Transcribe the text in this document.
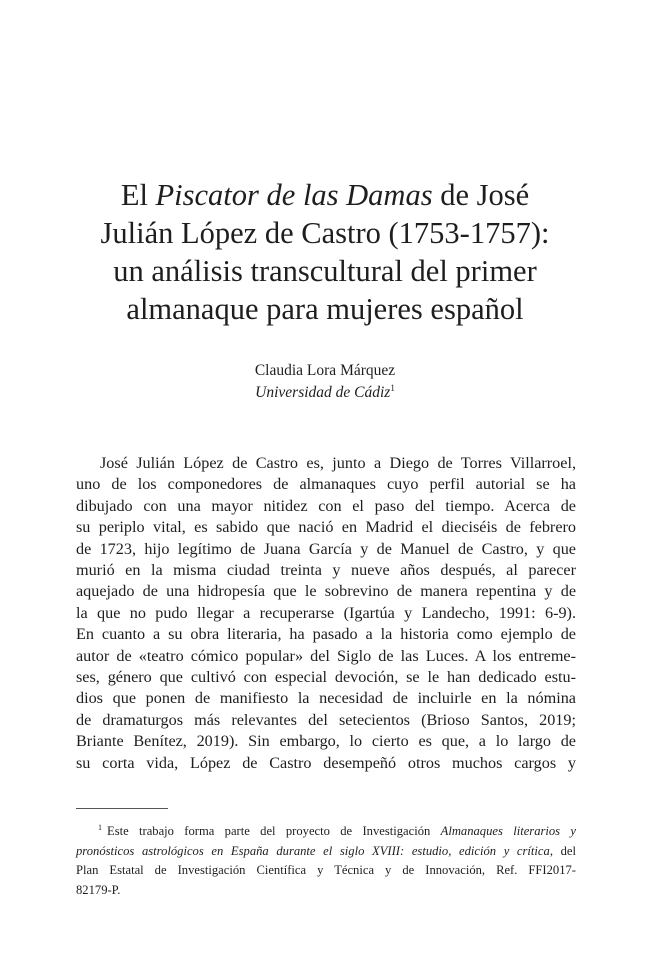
El Piscator de las Damas de José
Julián López de Castro (1753-1757):
un análisis transcultural del primer
almanaque para mujeres español
Claudia Lora Márquez
Universidad de Cádiz$^1$
José Julián López de Castro es, junto a Diego de Torres Villarroel,
uno de los componedores de almanaques cuyo perfil autorial se ha
dibujado con una mayor nitidez con el paso del tiempo. Acerca de
su periplo vital, es sabido que nació en Madrid el dieciséis de febrero
de 1723, hijo legítimo de Juana García y de Manuel de Castro, y que
murió en la misma ciudad treinta y nueve años después, al parecer
aquejado de una hidropesía que le sobrevino de manera repentina y de
la que no pudo llegar a recuperarse (Igartúa y Landecho, 1991: 6-9).
En cuanto a su obra literaria, ha pasado a la historia como ejemplo de
autor de «teatro cómico popular» del Siglo de las Luces. A los entreme-
ses, género que cultivó con especial devoción, se le han dedicado estu-
dios que ponen de manifiesto la necesidad de incluirle en la nómina
de dramaturgos más relevantes del setecientos (Brioso Santos, 2019;
Briante Benítez, 2019). Sin embargo, lo cierto es que, a lo largo de
su corta vida, López de Castro desempeñó otros muchos cargos y
$^1$ Este trabajo forma parte del proyecto de Investigación Almanaques literarios y
pronósticos astrológicos en España durante el siglo XVIII: estudio, edición y crítica, del
Plan Estatal de Investigación Científica y Técnica y de Innovación, Ref. FFI2017-
82179-P.
